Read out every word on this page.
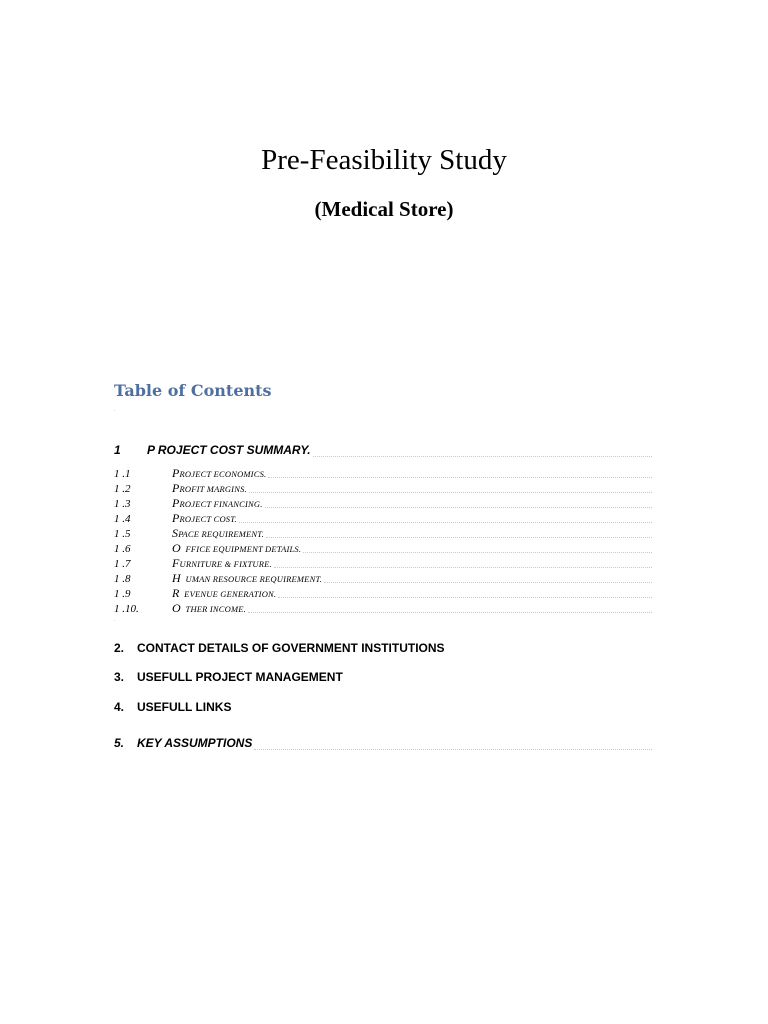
Pre-Feasibility Study
(Medical Store)
Table of Contents
1	P ROJECT COST SUMMARY.
1 .1	PROJECT ECONOMICS.
1 .2	PROFIT MARGINS.
1 .3	PROJECT FINANCING.
1 .4	PROJECT COST.
1 .5	SPACE REQUIREMENT.
1 .6	O  FFICE EQUIPMENT DETAILS.
1 .7	FURNITURE & FIXTURE.
1 .8	H  UMAN RESOURCE REQUIREMENT.
1 .9	R  EVENUE GENERATION.
1 .10.	O  THER INCOME.
2. CONTACT DETAILS OF GOVERNMENT INSTITUTIONS
3. USEFULL PROJECT MANAGEMENT
4. USEFULL LINKS
5.	KEY ASSUMPTIONS
